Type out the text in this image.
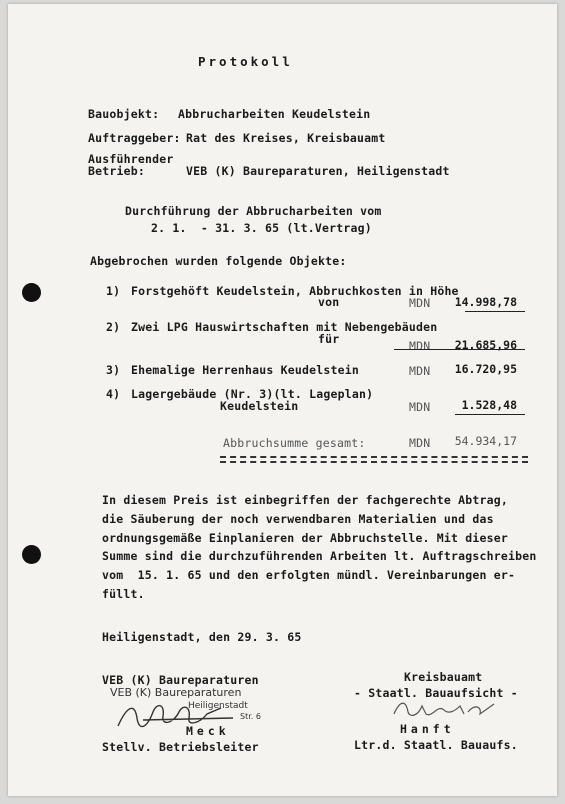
Protokoll
Bauobjekt: Abbrucharbeiten Keudelstein
Auftraggeber: Rat des Kreises, Kreisbauamt
Ausführender
Betrieb:	VEB (K) Baureparaturen, Heiligenstadt
Durchführung der Abbrucharbeiten vom
2. 1.  - 31. 3. 65 (lt.Vertrag)
Abgebrochen wurden folgende Objekte:
1) Forstgehöft Keudelstein, Abbruchkosten in Höhe
von	MDN 14.998,78
2) Zwei LPG Hauswirtschaften mit Nebengebäuden
für	MDN 21.685,96
3) Ehemalige Herrenhaus Keudelstein	MDN 16.720,95
4) Lagergebäude (Nr. 3)(lt. Lageplan)
Keudelstein	MDN	1.528,48
Abbruchsumme gesamt:	MDN 54.934,17
In diesem Preis ist einbegriffen der fachgerechte Abtrag,
die Säuberung der noch verwendbaren Materialien und das
ordnungsgemäße Einplanieren der Abbruchstelle. Mit dieser
Summe sind die durchzuführenden Arbeiten lt. Auftragschreiben
vom  15. 1. 65 und den erfolgten mündl. Vereinbarungen er-
füllt.
Heiligenstadt, den 29. 3. 65
VEB (K) Baureparaturen
VEB (K) Baureparaturen
Heiligenstadt
Str. 6
Meck
Stellv. Betriebsleiter
Kreisbauamt
- Staatl. Bauaufsicht -
Hanft
Ltr.d. Staatl. Bauaufs.
